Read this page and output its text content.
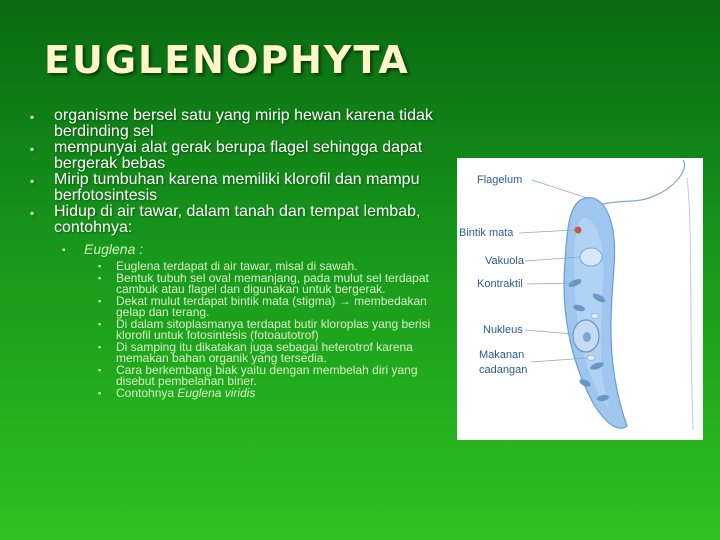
EUGLENOPHYTA
▪ organisme bersel satu yang mirip hewan karena tidak berdinding sel
▪ mempunyai alat gerak berupa flagel sehingga dapat bergerak bebas
▪ Mirip tumbuhan karena memiliki klorofil dan mampu berfotosintesis
▪ Hidup di air tawar, dalam tanah dan tempat lembab, contohnya:
▪ Euglena :
▪ Euglena terdapat di air tawar, misal di sawah.
▪ Bentuk tubuh sel oval memanjang, pada mulut sel terdapat cambuk atau flagel dan digunakan untuk bergerak.
▪ Dekat mulut terdapat bintik mata (stigma) → membedakan gelap dan terang.
▪ Di dalam sitoplasmanya terdapat butir kloroplas yang berisi klorofil untuk fotosintesis (fotoautotrof)
▪ Di samping itu dikatakan juga sebagai heterotrof karena memakan bahan organik yang tersedia.
▪ Cara berkembang biak yaitu dengan membelah diri yang disebut pembelahan biner.
▪ Contohnya Euglena viridis
Flagelum
Bintik mata
Vakuola
Kontraktil
Nukleus
Makanan
cadangan
